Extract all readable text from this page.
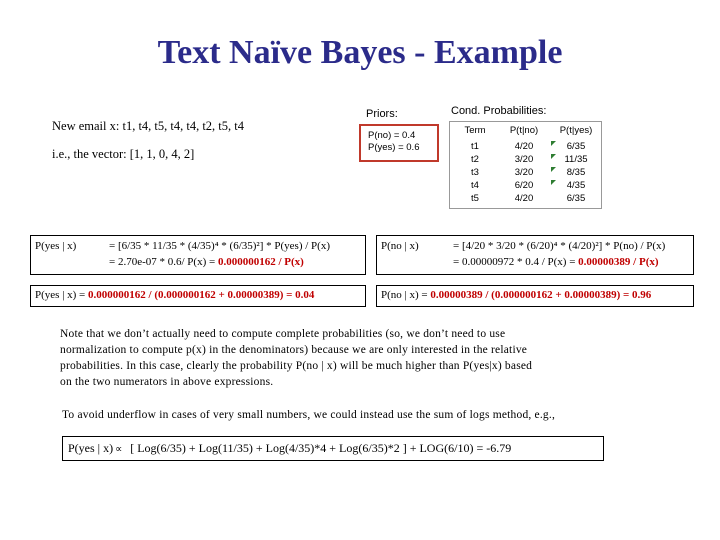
Text Naïve Bayes - Example
New email x: t1, t4, t5, t4, t4, t2, t5, t4
i.e., the vector: [1, 1, 0, 4, 2]
Priors:
P(no) = 0.4
P(yes) = 0.6
Cond. Probabilities:
Term	P(t|no)	P(t|yes)
t1	4/20	6/35
t2	3/20	11/35
t3	3/20	8/35
t4	6/20	4/35
t5	4/20	6/35
P(yes | x)	= [6/35 * 11/35 * (4/35)⁴ * (6/35)²] * P(yes) / P(x)
= 2.70e-07 * 0.6/ P(x) = 0.000000162 / P(x)
P(no | x)	= [4/20 * 3/20 * (6/20)⁴ * (4/20)²] * P(no) / P(x)
= 0.00000972 * 0.4 / P(x) = 0.00000389 / P(x)
P(yes | x) = 0.000000162 / (0.000000162 + 0.00000389) = 0.04	P(no | x) = 0.00000389 / (0.000000162 + 0.00000389) = 0.96
Note that we don’t actually need to compute complete probabilities (so, we don’t need to use
normalization to compute p(x) in the denominators) because we are only interested in the relative
probabilities. In this case, clearly the probability P(no | x) will be much higher than P(yes|x) based
on the two numerators in above expressions.
To avoid underflow in cases of very small numbers, we could instead use the sum of logs method, e.g.,
P(yes | x) ∝ [ Log(6/35) + Log(11/35) + Log(4/35)*4 + Log(6/35)*2 ] + LOG(6/10) = -6.79
